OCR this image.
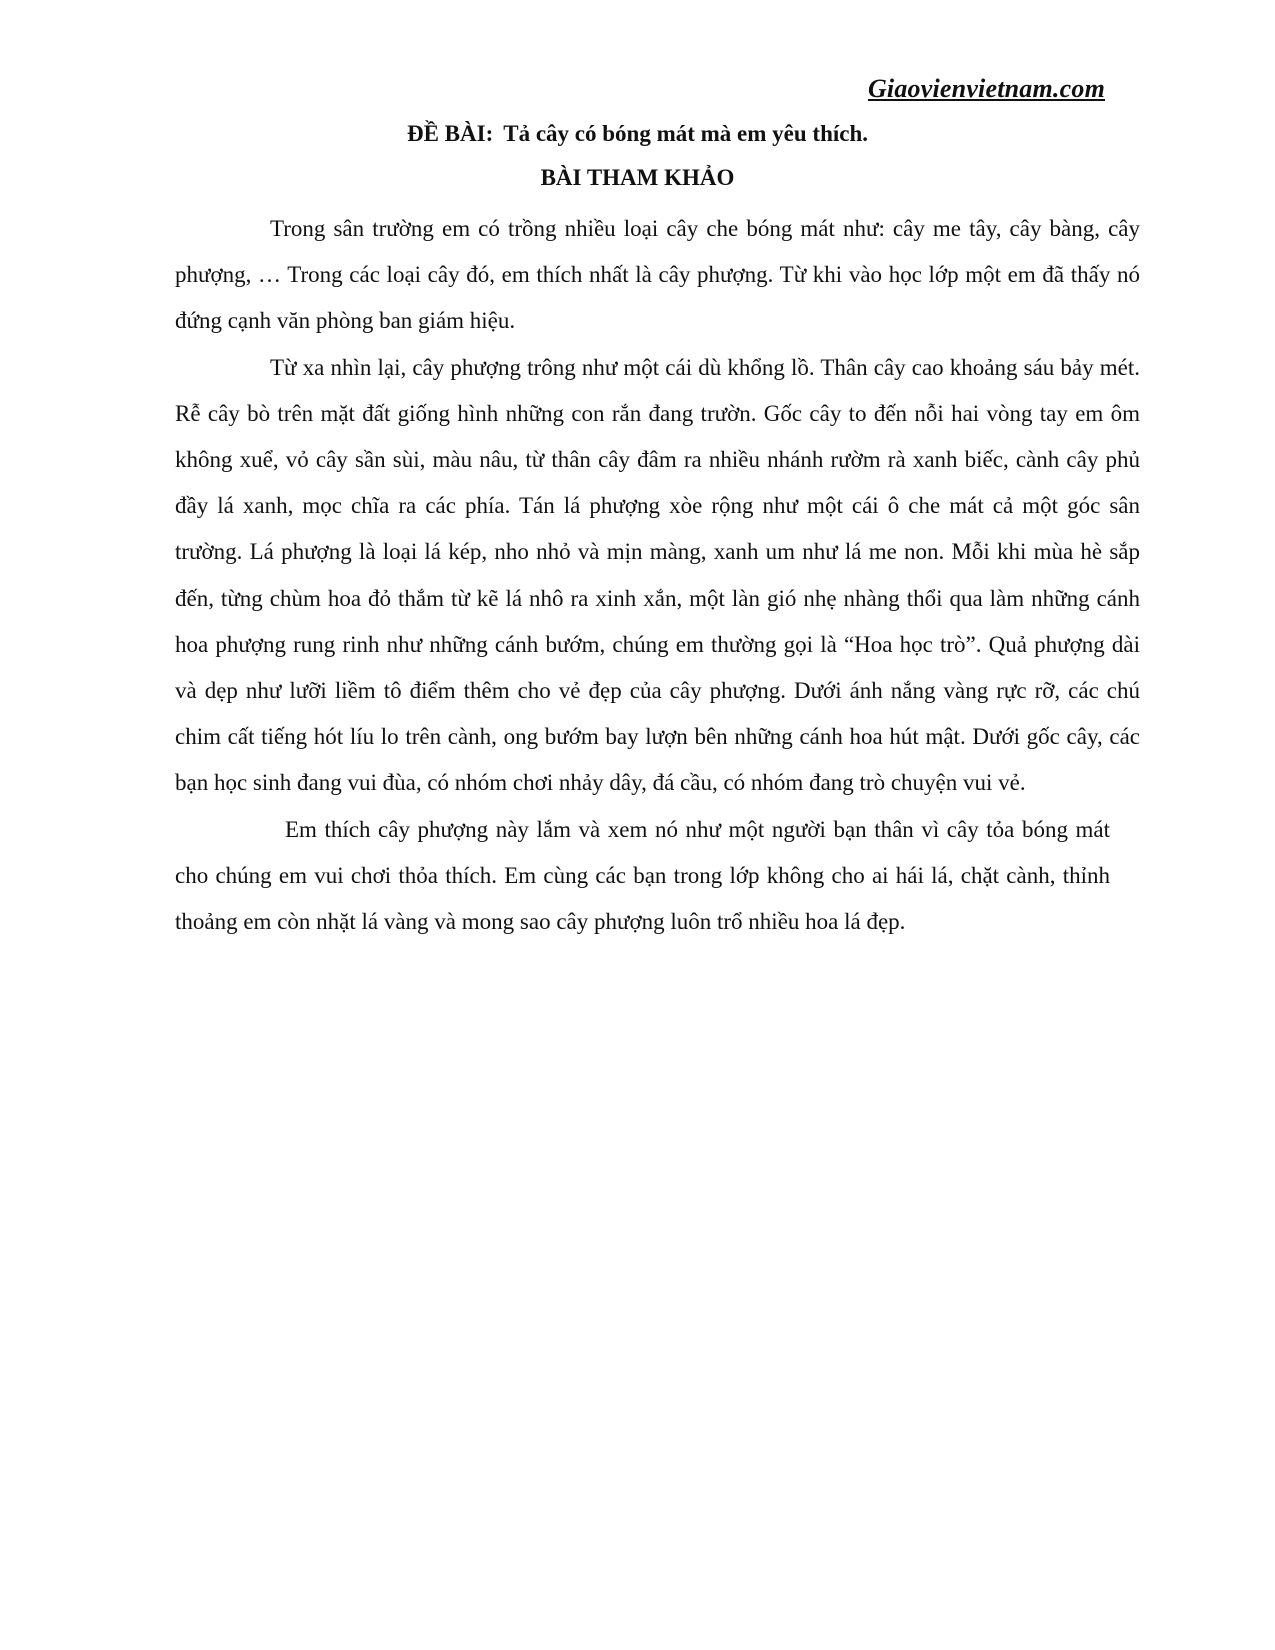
Giaovienvietnam.com
ĐỀ BÀI: Tả cây có bóng mát mà em yêu thích.
BÀI THAM KHẢO

Trong sân trường em có trồng nhiều loại cây che bóng mát như: cây me tây, cây bàng, cây phượng, … Trong các loại cây đó, em thích nhất là cây phượng. Từ khi vào học lớp một em đã thấy nó đứng cạnh văn phòng ban giám hiệu.

Từ xa nhìn lại, cây phượng trông như một cái dù khổng lồ. Thân cây cao khoảng sáu bảy mét. Rễ cây bò trên mặt đất giống hình những con rắn đang trườn. Gốc cây to đến nỗi hai vòng tay em ôm không xuể, vỏ cây sần sùi, màu nâu, từ thân cây đâm ra nhiều nhánh rườm rà xanh biếc, cành cây phủ đầy lá xanh, mọc chĩa ra các phía. Tán lá phượng xòe rộng như một cái ô che mát cả một góc sân trường. Lá phượng là loại lá kép, nho nhỏ và mịn màng, xanh um như lá me non. Mỗi khi mùa hè sắp đến, từng chùm hoa đỏ thắm từ kẽ lá nhô ra xinh xắn, một làn gió nhẹ nhàng thổi qua làm những cánh hoa phượng rung rinh như những cánh bướm, chúng em thường gọi là “Hoa học trò”. Quả phượng dài và dẹp như lưỡi liềm tô điểm thêm cho vẻ đẹp của cây phượng. Dưới ánh nắng vàng rực rỡ, các chú chim cất tiếng hót líu lo trên cành, ong bướm bay lượn bên những cánh hoa hút mật. Dưới gốc cây, các bạn học sinh đang vui đùa, có nhóm chơi nhảy dây, đá cầu, có nhóm đang trò chuyện vui vẻ.

Em thích cây phượng này lắm và xem nó như một người bạn thân vì cây tỏa bóng mát cho chúng em vui chơi thỏa thích. Em cùng các bạn trong lớp không cho ai hái lá, chặt cành, thỉnh thoảng em còn nhặt lá vàng và mong sao cây phượng luôn trổ nhiều hoa lá đẹp.
